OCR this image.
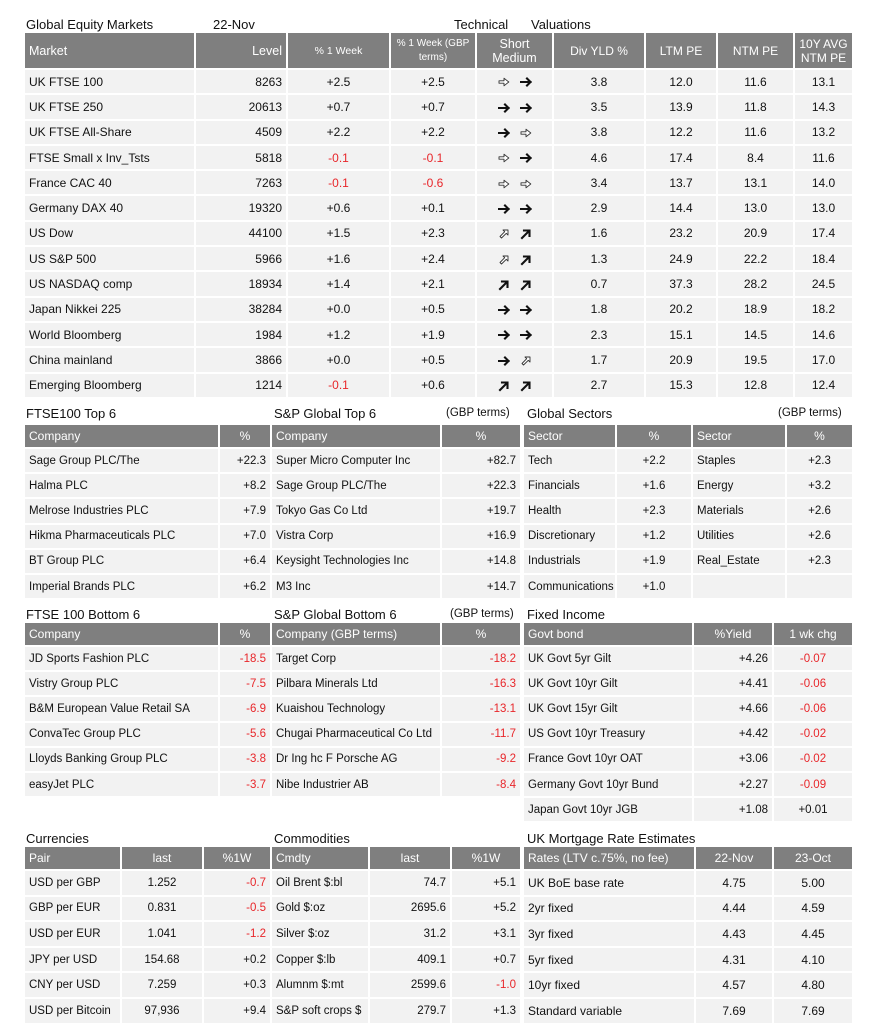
Global Equity Markets	22-Nov	Technical Valuations
Market	Level	% 1 Week	% 1 Week (GBP terms)	Short Medium	Div YLD %	LTM PE	NTM PE	10Y AVG NTM PE
UK FTSE 100	8263	+2.5	+2.5		3.8	12.0	11.6	13.1
UK FTSE 250	20613	+0.7	+0.7		3.5	13.9	11.8	14.3
UK FTSE All-Share	4509	+2.2	+2.2		3.8	12.2	11.6	13.2
FTSE Small x Inv_Tsts	5818	-0.1	-0.1		4.6	17.4	8.4	11.6
France CAC 40	7263	-0.1	-0.6		3.4	13.7	13.1	14.0
Germany DAX 40	19320	+0.6	+0.1		2.9	14.4	13.0	13.0
US Dow	44100	+1.5	+2.3		1.6	23.2	20.9	17.4
US S&P 500	5966	+1.6	+2.4		1.3	24.9	22.2	18.4
US NASDAQ comp	18934	+1.4	+2.1		0.7	37.3	28.2	24.5
Japan Nikkei 225	38284	+0.0	+0.5		1.8	20.2	18.9	18.2
World Bloomberg	1984	+1.2	+1.9		2.3	15.1	14.5	14.6
China mainland	3866	+0.0	+0.5		1.7	20.9	19.5	17.0
Emerging Bloomberg	1214	-0.1	+0.6		2.7	15.3	12.8	12.4
FTSE100 Top 6	S&P Global Top 6	(GBP terms) Global Sectors	(GBP terms)
Company	%
Sage Group PLC/The	+22.3
Halma PLC	+8.2
Melrose Industries PLC	+7.9
Hikma Pharmaceuticals PLC	+7.0
BT Group PLC	+6.4
Imperial Brands PLC	+6.2
Company	%
Super Micro Computer Inc	+82.7
Sage Group PLC/The	+22.3
Tokyo Gas Co Ltd	+19.7
Vistra Corp	+16.9
Keysight Technologies Inc	+14.8
M3 Inc	+14.7
Sector	%	Sector	%
Tech	+2.2	Staples	+2.3
Financials	+1.6	Energy	+3.2
Health	+2.3	Materials	+2.6
Discretionary	+1.2	Utilities	+2.6
Industrials	+1.9	Real_Estate	+2.3
Communications	+1.0		
FTSE 100 Bottom 6	S&P Global Bottom 6	(GBP terms) Fixed Income
Company	%
JD Sports Fashion PLC	-18.5
Vistry Group PLC	-7.5
B&M European Value Retail SA	-6.9
ConvaTec Group PLC	-5.6
Lloyds Banking Group PLC	-3.8
easyJet PLC	-3.7
Company (GBP terms)	%
Target Corp	-18.2
Pilbara Minerals Ltd	-16.3
Kuaishou Technology	-13.1
Chugai Pharmaceutical Co Ltd	-11.7
Dr Ing hc F Porsche AG	-9.2
Nibe Industrier AB	-8.4
Govt bond	%Yield	1 wk chg
UK Govt 5yr Gilt	+4.26	-0.07
UK Govt 10yr Gilt	+4.41	-0.06
UK Govt 15yr Gilt	+4.66	-0.06
US Govt 10yr Treasury	+4.42	-0.02
France Govt 10yr OAT	+3.06	-0.02
Germany Govt 10yr Bund	+2.27	-0.09
Japan Govt 10yr JGB	+1.08	+0.01
Currencies	Commodities	UK Mortgage Rate Estimates
Pair	last	%1W
USD per GBP	1.252	-0.7
GBP per EUR	0.831	-0.5
USD per EUR	1.041	-1.2
JPY per USD	154.68	+0.2
CNY per USD	7.259	+0.3
USD per Bitcoin	97,936	+9.4
Cmdty	last	%1W
Oil Brent $:bl	74.7	+5.1
Gold $:oz	2695.6	+5.2
Silver $:oz	31.2	+3.1
Copper $:lb	409.1	+0.7
Alumnm $:mt	2599.6	-1.0
S&P soft crops $	279.7	+1.3
Rates (LTV c.75%, no fee)	22-Nov	23-Oct
UK BoE base rate	4.75	5.00
2yr fixed	4.44	4.59
3yr fixed	4.43	4.45
5yr fixed	4.31	4.10
10yr fixed	4.57	4.80
Standard variable	7.69	7.69
